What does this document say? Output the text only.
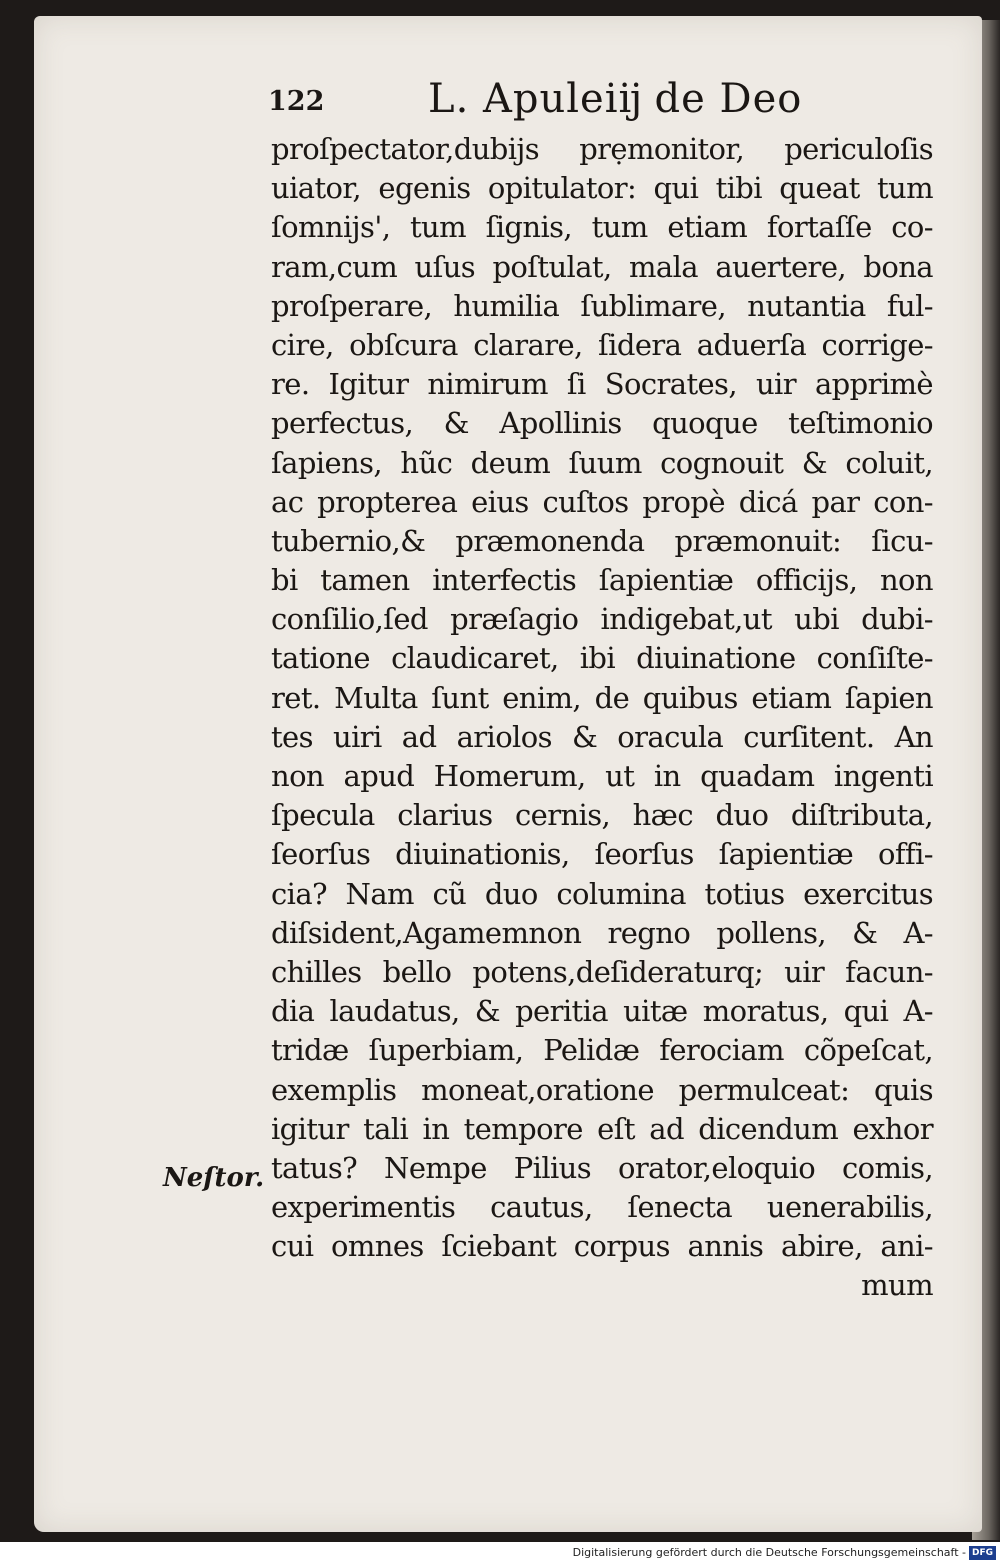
122	L. Apuleiĳ de Deo
proſpectator,dubijs prẹmonitor, periculoſis
uiator, egenis opitulator: qui tibi queat tum
ſomnijs', tum ſignis, tum etiam fortaſſe co-
ram,cum uſus poſtulat, mala auertere, bona
proſperare, humilia ſublimare, nutantia ful-
cire, obſcura clarare, ſidera aduerſa corrige-
re. Igitur nimirum ſi Socrates, uir apprimè
perfectus, & Apollinis quoque teſtimonio
ſapiens, hũc deum ſuum cognouit & coluit,
ac propterea eius cuſtos propè dicá par con-
tubernio,& præmonenda præmonuit: ſicu-
bi tamen interfectis ſapientiæ officijs, non
conſilio,ſed præſagio indigebat,ut ubi dubi-
tatione claudicaret, ibi diuinatione conſiſte-
ret. Multa ſunt enim, de quibus etiam ſapien
tes uiri ad ariolos & oracula curſitent. An
non apud Homerum, ut in quadam ingenti
ſpecula clarius cernis, hæc duo diſtributa,
ſeorſus diuinationis, ſeorſus ſapientiæ offi-
cia? Nam cũ duo columina totius exercitus
diſsident,Agamemnon regno pollens, & A-
chilles bello potens,deſideraturq; uir facun-
dia laudatus, & peritia uitæ moratus, qui A-
tridæ ſuperbiam, Pelidæ ferociam cõpeſcat,
exemplis moneat,oratione permulceat: quis
igitur tali in tempore eſt ad dicendum exhor
tatus? Nempe Pilius orator,eloquio comis,
experimentis cautus, ſenecta uenerabilis,
cui omnes ſciebant corpus annis abire, ani-
mum
Neſtor.
Digitalisierung gefördert durch die Deutsche Forschungsgemeinschaft - DFG
